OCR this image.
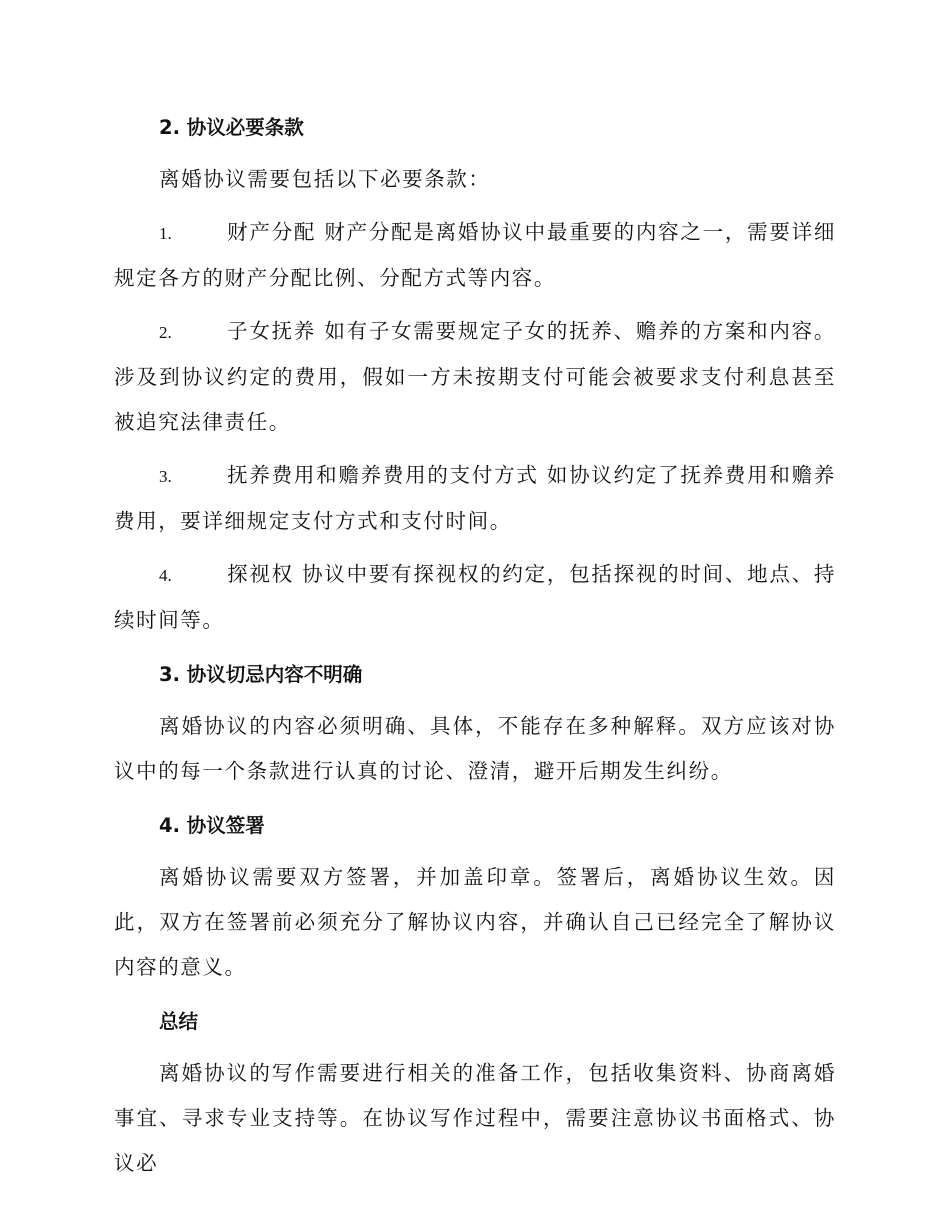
2. 协议必要条款

离婚协议需要包括以下必要条款：

1.	财产分配 财产分配是离婚协议中最重要的内容之一，需要详细规定各方的财产分配比例、分配方式等内容。

2.	子女抚养 如有子女需要规定子女的抚养、赡养的方案和内容。涉及到协议约定的费用，假如一方未按期支付可能会被要求支付利息甚至被追究法律责任。

3.	抚养费用和赡养费用的支付方式 如协议约定了抚养费用和赡养费用，要详细规定支付方式和支付时间。

4.	探视权 协议中要有探视权的约定，包括探视的时间、地点、持续时间等。

3. 协议切忌内容不明确

离婚协议的内容必须明确、具体，不能存在多种解释。双方应该对协议中的每一个条款进行认真的讨论、澄清，避开后期发生纠纷。

4. 协议签署

离婚协议需要双方签署，并加盖印章。签署后，离婚协议生效。因此，双方在签署前必须充分了解协议内容，并确认自己已经完全了解协议内容的意义。

总结

离婚协议的写作需要进行相关的准备工作，包括收集资料、协商离婚事宜、寻求专业支持等。在协议写作过程中，需要注意协议书面格式、协议必
